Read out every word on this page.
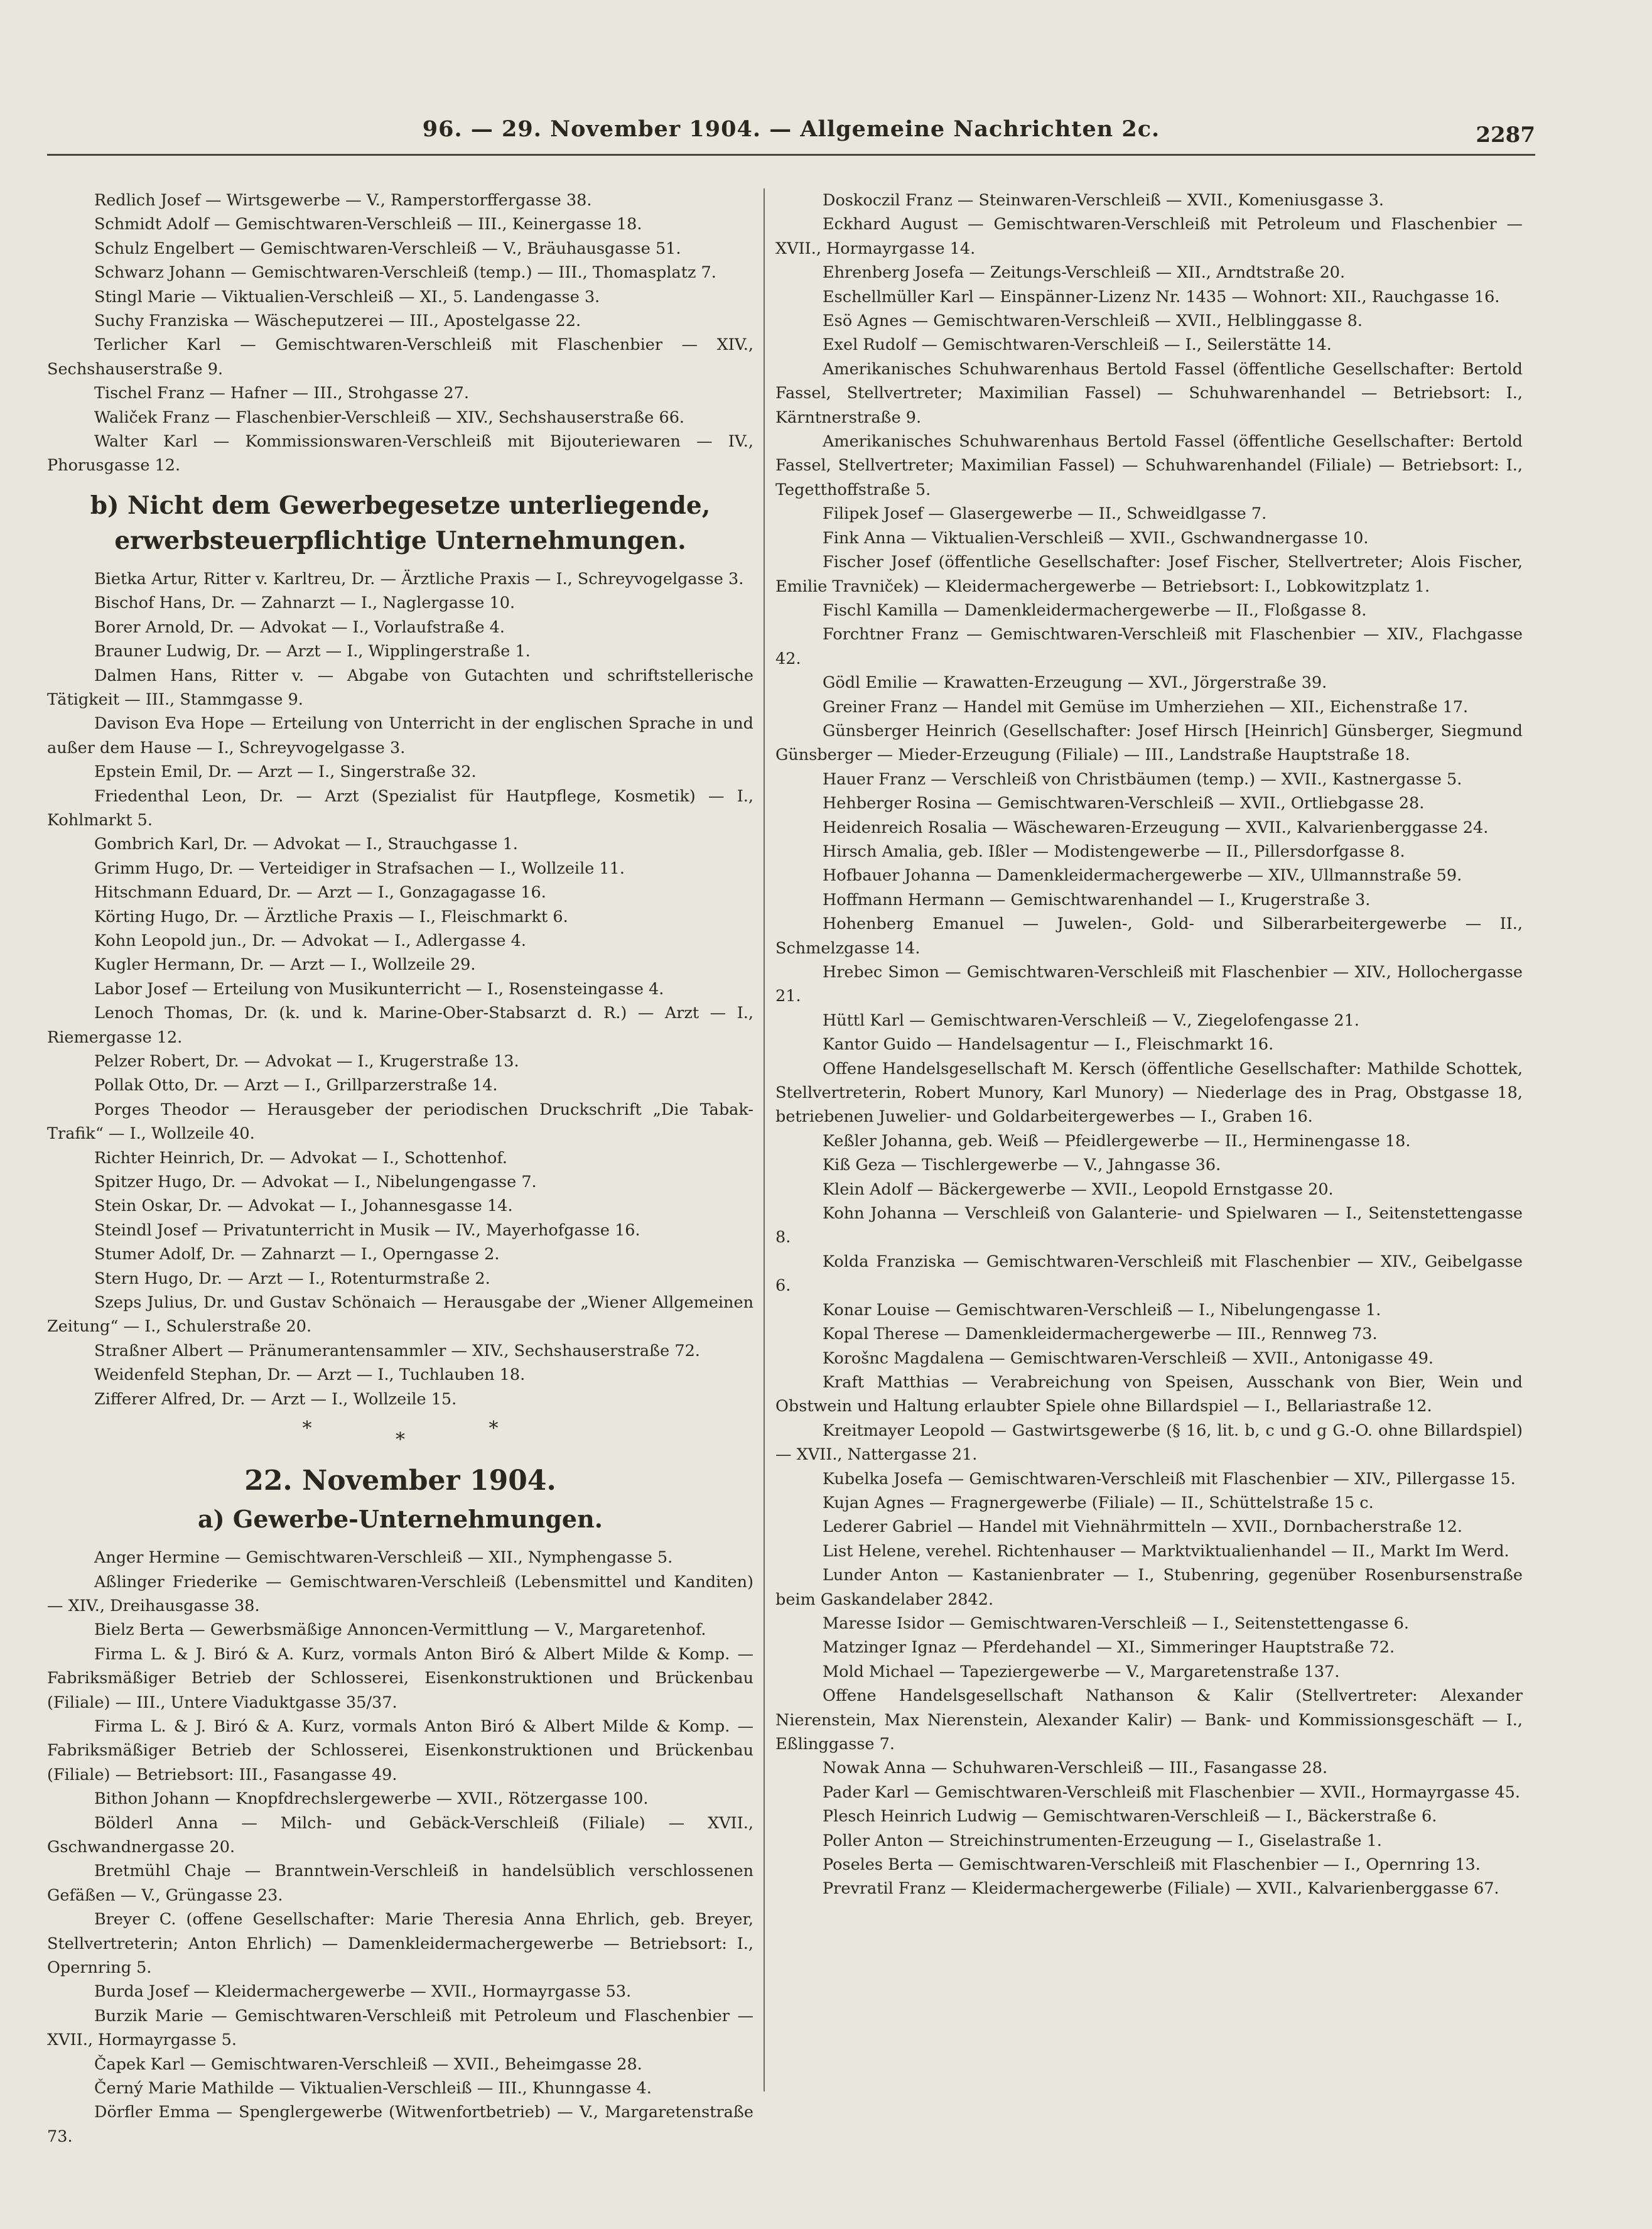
96. — 29. November 1904. — Allgemeine Nachrichten 2c.	2287

Redlich Josef — Wirtsgewerbe — V., Ramperstorffergasse 38.

Schmidt Adolf — Gemischtwaren-Verschleiß — III., Keinergasse 18.

Schulz Engelbert — Gemischtwaren-Verschleiß — V., Bräuhausgasse 51.

Schwarz Johann — Gemischtwaren-Verschleiß (temp.) — III., Thomasplatz 7.

Stingl Marie — Viktualien-Verschleiß — XI., 5. Landengasse 3.

Suchy Franziska — Wäscheputzerei — III., Apostelgasse 22.

Terlicher Karl — Gemischtwaren-Verschleiß mit Flaschenbier — XIV., Sechshauserstraße 9.

Tischel Franz — Hafner — III., Strohgasse 27.

Waliček Franz — Flaschenbier-Verschleiß — XIV., Sechshauserstraße 66.

Walter Karl — Kommissionswaren-Verschleiß mit Bijouteriewaren — IV., Phorusgasse 12.

b) Nicht dem Gewerbegesetze unterliegende, erwerbsteuerpflichtige Unternehmungen.

Bietka Artur, Ritter v. Karltreu, Dr. — Ärztliche Praxis — I., Schreyvogelgasse 3.

Bischof Hans, Dr. — Zahnarzt — I., Naglergasse 10.

Borer Arnold, Dr. — Advokat — I., Vorlaufstraße 4.

Brauner Ludwig, Dr. — Arzt — I., Wipplingerstraße 1.

Dalmen Hans, Ritter v. — Abgabe von Gutachten und schriftstellerische Tätigkeit — III., Stammgasse 9.

Davison Eva Hope — Erteilung von Unterricht in der englischen Sprache in und außer dem Hause — I., Schreyvogelgasse 3.

Epstein Emil, Dr. — Arzt — I., Singerstraße 32.

Friedenthal Leon, Dr. — Arzt (Spezialist für Hautpflege, Kosmetik) — I., Kohlmarkt 5.

Gombrich Karl, Dr. — Advokat — I., Strauchgasse 1.

Grimm Hugo, Dr. — Verteidiger in Strafsachen — I., Wollzeile 11.

Hitschmann Eduard, Dr. — Arzt — I., Gonzagagasse 16.

Körting Hugo, Dr. — Ärztliche Praxis — I., Fleischmarkt 6.

Kohn Leopold jun., Dr. — Advokat — I., Adlergasse 4.

Kugler Hermann, Dr. — Arzt — I., Wollzeile 29.

Labor Josef — Erteilung von Musikunterricht — I., Rosensteingasse 4.

Lenoch Thomas, Dr. (k. und k. Marine-Ober-Stabsarzt d. R.) — Arzt — I., Riemergasse 12.

Pelzer Robert, Dr. — Advokat — I., Krugerstraße 13.

Pollak Otto, Dr. — Arzt — I., Grillparzerstraße 14.

Porges Theodor — Herausgeber der periodischen Druckschrift „Die Tabak-Trafik“ — I., Wollzeile 40.

Richter Heinrich, Dr. — Advokat — I., Schottenhof.

Spitzer Hugo, Dr. — Advokat — I., Nibelungengasse 7.

Stein Oskar, Dr. — Advokat — I., Johannesgasse 14.

Steindl Josef — Privatunterricht in Musik — IV., Mayerhofgasse 16.

Stumer Adolf, Dr. — Zahnarzt — I., Operngasse 2.

Stern Hugo, Dr. — Arzt — I., Rotenturmstraße 2.

Szeps Julius, Dr. und Gustav Schönaich — Herausgabe der „Wiener Allgemeinen Zeitung“ — I., Schulerstraße 20.

Straßner Albert — Pränumerantensammler — XIV., Sechshauserstraße 72.

Weidenfeld Stephan, Dr. — Arzt — I., Tuchlauben 18.

Zifferer Alfred, Dr. — Arzt — I., Wollzeile 15.

* * *
22. November 1904.
a) Gewerbe-Unternehmungen.

Anger Hermine — Gemischtwaren-Verschleiß — XII., Nymphengasse 5.

Aßlinger Friederike — Gemischtwaren-Verschleiß (Lebensmittel und Kanditen) — XIV., Dreihausgasse 38.

Bielz Berta — Gewerbsmäßige Annoncen-Vermittlung — V., Margaretenhof.

Firma L. & J. Biró & A. Kurz, vormals Anton Biró & Albert Milde & Komp. — Fabriksmäßiger Betrieb der Schlosserei, Eisenkonstruktionen und Brückenbau (Filiale) — III., Untere Viaduktgasse 35/37.

Firma L. & J. Biró & A. Kurz, vormals Anton Biró & Albert Milde & Komp. — Fabriksmäßiger Betrieb der Schlosserei, Eisenkonstruktionen und Brückenbau (Filiale) — Betriebsort: III., Fasangasse 49.

Bithon Johann — Knopfdrechslergewerbe — XVII., Rötzergasse 100.

Bölderl Anna — Milch- und Gebäck-Verschleiß (Filiale) — XVII., Gschwandnergasse 20.

Bretmühl Chaje — Branntwein-Verschleiß in handelsüblich verschlossenen Gefäßen — V., Grüngasse 23.

Breyer C. (offene Gesellschafter: Marie Theresia Anna Ehrlich, geb. Breyer, Stellvertreterin; Anton Ehrlich) — Damenkleidermachergewerbe — Betriebsort: I., Opernring 5.

Burda Josef — Kleidermachergewerbe — XVII., Hormayrgasse 53.

Burzik Marie — Gemischtwaren-Verschleiß mit Petroleum und Flaschenbier — XVII., Hormayrgasse 5.

Čapek Karl — Gemischtwaren-Verschleiß — XVII., Beheimgasse 28.

Černý Marie Mathilde — Viktualien-Verschleiß — III., Khunngasse 4.

Dörfler Emma — Spenglergewerbe (Witwenfortbetrieb) — V., Margaretenstraße 73.

Doskoczil Franz — Steinwaren-Verschleiß — XVII., Komeniusgasse 3.

Eckhard August — Gemischtwaren-Verschleiß mit Petroleum und Flaschenbier — XVII., Hormayrgasse 14.

Ehrenberg Josefa — Zeitungs-Verschleiß — XII., Arndtstraße 20.

Eschellmüller Karl — Einspänner-Lizenz Nr. 1435 — Wohnort: XII., Rauchgasse 16.

Esö Agnes — Gemischtwaren-Verschleiß — XVII., Helblinggasse 8.

Exel Rudolf — Gemischtwaren-Verschleiß — I., Seilerstätte 14.

Amerikanisches Schuhwarenhaus Bertold Fassel (öffentliche Gesellschafter: Bertold Fassel, Stellvertreter; Maximilian Fassel) — Schuhwarenhandel — Betriebsort: I., Kärntnerstraße 9.

Amerikanisches Schuhwarenhaus Bertold Fassel (öffentliche Gesellschafter: Bertold Fassel, Stellvertreter; Maximilian Fassel) — Schuhwarenhandel (Filiale) — Betriebsort: I., Tegetthoffstraße 5.

Filipek Josef — Glasergewerbe — II., Schweidlgasse 7.

Fink Anna — Viktualien-Verschleiß — XVII., Gschwandnergasse 10.

Fischer Josef (öffentliche Gesellschafter: Josef Fischer, Stellvertreter; Alois Fischer, Emilie Travniček) — Kleidermachergewerbe — Betriebsort: I., Lobkowitzplatz 1.

Fischl Kamilla — Damenkleidermachergewerbe — II., Floßgasse 8.

Forchtner Franz — Gemischtwaren-Verschleiß mit Flaschenbier — XIV., Flachgasse 42.

Gödl Emilie — Krawatten-Erzeugung — XVI., Jörgerstraße 39.

Greiner Franz — Handel mit Gemüse im Umherziehen — XII., Eichenstraße 17.

Günsberger Heinrich (Gesellschafter: Josef Hirsch [Heinrich] Günsberger, Siegmund Günsberger — Mieder-Erzeugung (Filiale) — III., Landstraße Hauptstraße 18.

Hauer Franz — Verschleiß von Christbäumen (temp.) — XVII., Kastnergasse 5.

Hehberger Rosina — Gemischtwaren-Verschleiß — XVII., Ortliebgasse 28.

Heidenreich Rosalia — Wäschewaren-Erzeugung — XVII., Kalvarienberggasse 24.

Hirsch Amalia, geb. Ißler — Modistengewerbe — II., Pillersdorfgasse 8.

Hofbauer Johanna — Damenkleidermachergewerbe — XIV., Ullmannstraße 59.

Hoffmann Hermann — Gemischtwarenhandel — I., Krugerstraße 3.

Hohenberg Emanuel — Juwelen-, Gold- und Silberarbeitergewerbe — II., Schmelzgasse 14.

Hrebec Simon — Gemischtwaren-Verschleiß mit Flaschenbier — XIV., Hollochergasse 21.

Hüttl Karl — Gemischtwaren-Verschleiß — V., Ziegelofengasse 21.

Kantor Guido — Handelsagentur — I., Fleischmarkt 16.

Offene Handelsgesellschaft M. Kersch (öffentliche Gesellschafter: Mathilde Schottek, Stellvertreterin, Robert Munory, Karl Munory) — Niederlage des in Prag, Obstgasse 18, betriebenen Juwelier- und Goldarbeitergewerbes — I., Graben 16.

Keßler Johanna, geb. Weiß — Pfeidlergewerbe — II., Herminengasse 18.

Kiß Geza — Tischlergewerbe — V., Jahngasse 36.

Klein Adolf — Bäckergewerbe — XVII., Leopold Ernstgasse 20.

Kohn Johanna — Verschleiß von Galanterie- und Spielwaren — I., Seitenstettengasse 8.

Kolda Franziska — Gemischtwaren-Verschleiß mit Flaschenbier — XIV., Geibelgasse 6.

Konar Louise — Gemischtwaren-Verschleiß — I., Nibelungengasse 1.

Kopal Therese — Damenkleidermachergewerbe — III., Rennweg 73.

Korošnc Magdalena — Gemischtwaren-Verschleiß — XVII., Antonigasse 49.

Kraft Matthias — Verabreichung von Speisen, Ausschank von Bier, Wein und Obstwein und Haltung erlaubter Spiele ohne Billardspiel — I., Bellariastraße 12.

Kreitmayer Leopold — Gastwirtsgewerbe (§ 16, lit. b, c und g G.-O. ohne Billardspiel) — XVII., Nattergasse 21.

Kubelka Josefa — Gemischtwaren-Verschleiß mit Flaschenbier — XIV., Pillergasse 15.

Kujan Agnes — Fragnergewerbe (Filiale) — II., Schüttelstraße 15 c.

Lederer Gabriel — Handel mit Viehnährmitteln — XVII., Dornbacherstraße 12.

List Helene, verehel. Richtenhauser — Marktviktualienhandel — II., Markt Im Werd.

Lunder Anton — Kastanienbrater — I., Stubenring, gegenüber Rosenbursenstraße beim Gaskandelaber 2842.

Maresse Isidor — Gemischtwaren-Verschleiß — I., Seitenstettengasse 6.

Matzinger Ignaz — Pferdehandel — XI., Simmeringer Hauptstraße 72.

Mold Michael — Tapeziergewerbe — V., Margaretenstraße 137.

Offene Handelsgesellschaft Nathanson & Kalir (Stellvertreter: Alexander Nierenstein, Max Nierenstein, Alexander Kalir) — Bank- und Kommissionsgeschäft — I., Eßlinggasse 7.

Nowak Anna — Schuhwaren-Verschleiß — III., Fasangasse 28.

Pader Karl — Gemischtwaren-Verschleiß mit Flaschenbier — XVII., Hormayrgasse 45.

Plesch Heinrich Ludwig — Gemischtwaren-Verschleiß — I., Bäckerstraße 6.

Poller Anton — Streichinstrumenten-Erzeugung — I., Giselastraße 1.

Poseles Berta — Gemischtwaren-Verschleiß mit Flaschenbier — I., Opernring 13.

Prevratil Franz — Kleidermachergewerbe (Filiale) — XVII., Kalvarienberggasse 67.
